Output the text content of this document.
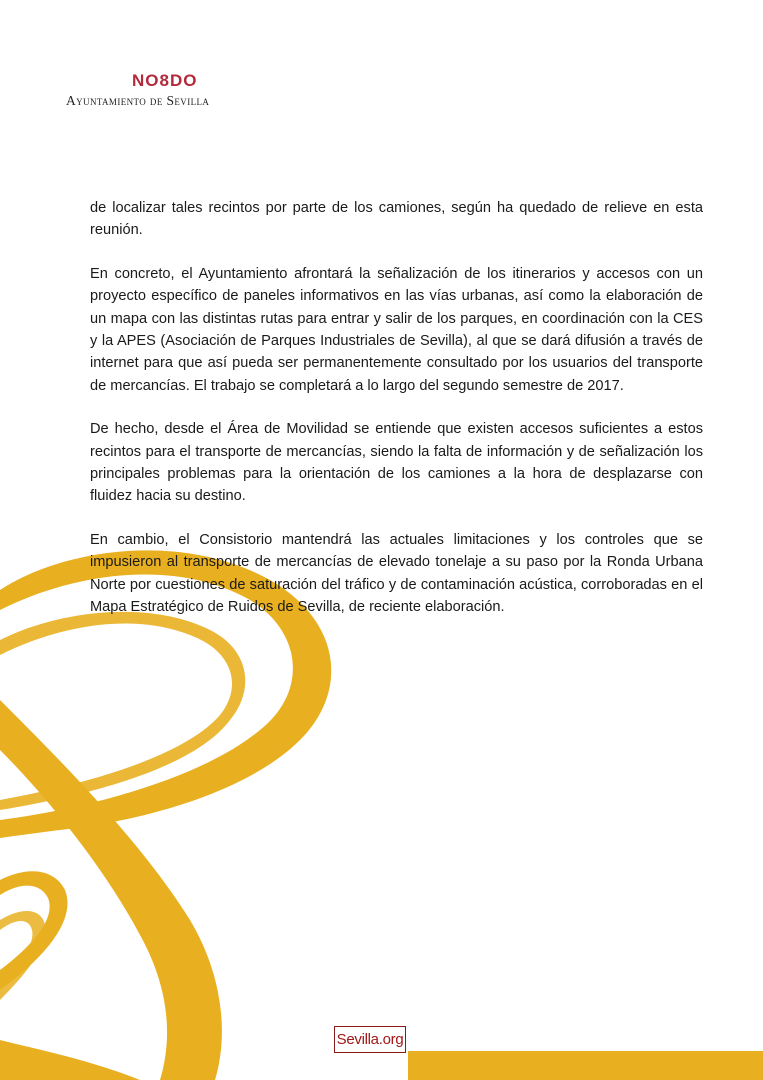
NO8DO
Ayuntamiento de Sevilla

de localizar tales recintos por parte de los camiones, según ha quedado de relieve en esta reunión.

En concreto, el Ayuntamiento afrontará la señalización de los itinerarios y accesos con un proyecto específico de paneles informativos en las vías urbanas, así como la elaboración de un mapa con las distintas rutas para entrar y salir de los parques, en coordinación con la CES y la APES (Asociación de Parques Industriales de Sevilla), al que se dará difusión a través de internet para que así pueda ser permanentemente consultado por los usuarios del transporte de mercancías. El trabajo se completará a lo largo del segundo semestre de 2017.

De hecho, desde el Área de Movilidad se entiende que existen accesos suficientes a estos recintos para el transporte de mercancías, siendo la falta de información y de señalización los principales problemas para la orientación de los camiones a la hora de desplazarse con fluidez hacia su destino.

En cambio, el Consistorio mantendrá las actuales limitaciones y los controles que se impusieron al transporte de mercancías de elevado tonelaje a su paso por la Ronda Urbana Norte por cuestiones de saturación del tráfico y de contaminación acústica, corroboradas en el Mapa Estratégico de Ruidos de Sevilla, de reciente elaboración.

Sevilla.org
